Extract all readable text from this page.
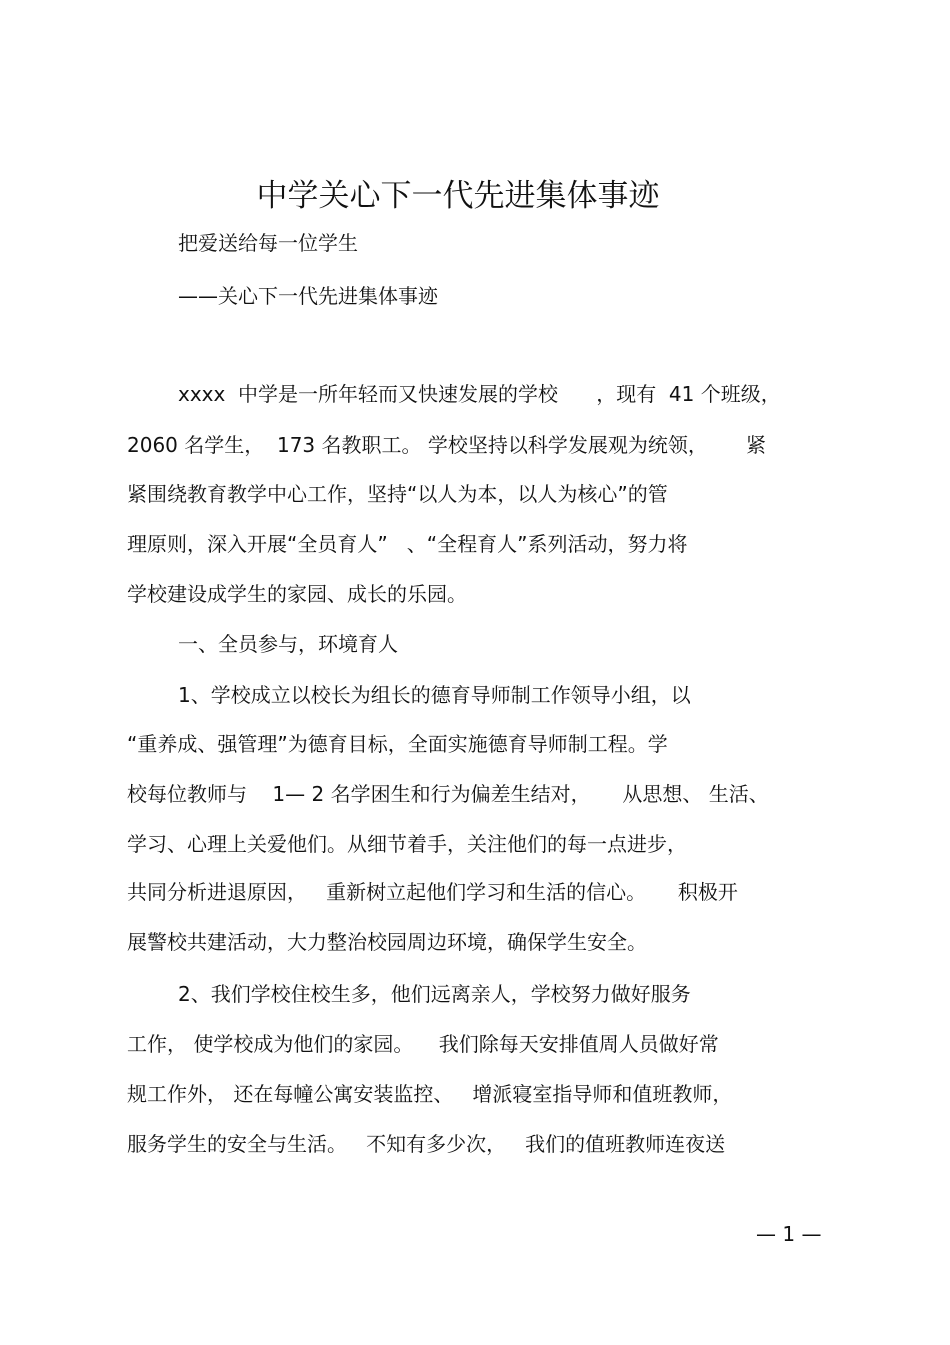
中学关心下一代先进集体事迹
把爱送给每一位学生
——关心下一代先进集体事迹
xxxx  中学是一所年轻而又快速发展的学校      ，现有  41 个班级，
2060 名学生，  173 名教职工。 学校坚持以科学发展观为统领，      紧
紧围绕教育教学中心工作，坚持“以人为本，以人为核心”的管
理原则，深入开展“全员育人”   、“全程育人”系列活动，努力将
学校建设成学生的家园、成长的乐园。
一、全员参与，环境育人
1、学校成立以校长为组长的德育导师制工作领导小组，以
“重养成、强管理”为德育目标，全面实施德育导师制工程。学
校每位教师与    1— 2 名学困生和行为偏差生结对，     从思想、 生活、
学习、心理上关爱他们。从细节着手，关注他们的每一点进步，
共同分析进退原因，   重新树立起他们学习和生活的信心。     积极开
展警校共建活动，大力整治校园周边环境，确保学生安全。
2、我们学校住校生多，他们远离亲人，学校努力做好服务
工作， 使学校成为他们的家园。    我们除每天安排值周人员做好常
规工作外， 还在每幢公寓安装监控、   增派寝室指导师和值班教师，
服务学生的安全与生活。   不知有多少次，   我们的值班教师连夜送
— 1 —
